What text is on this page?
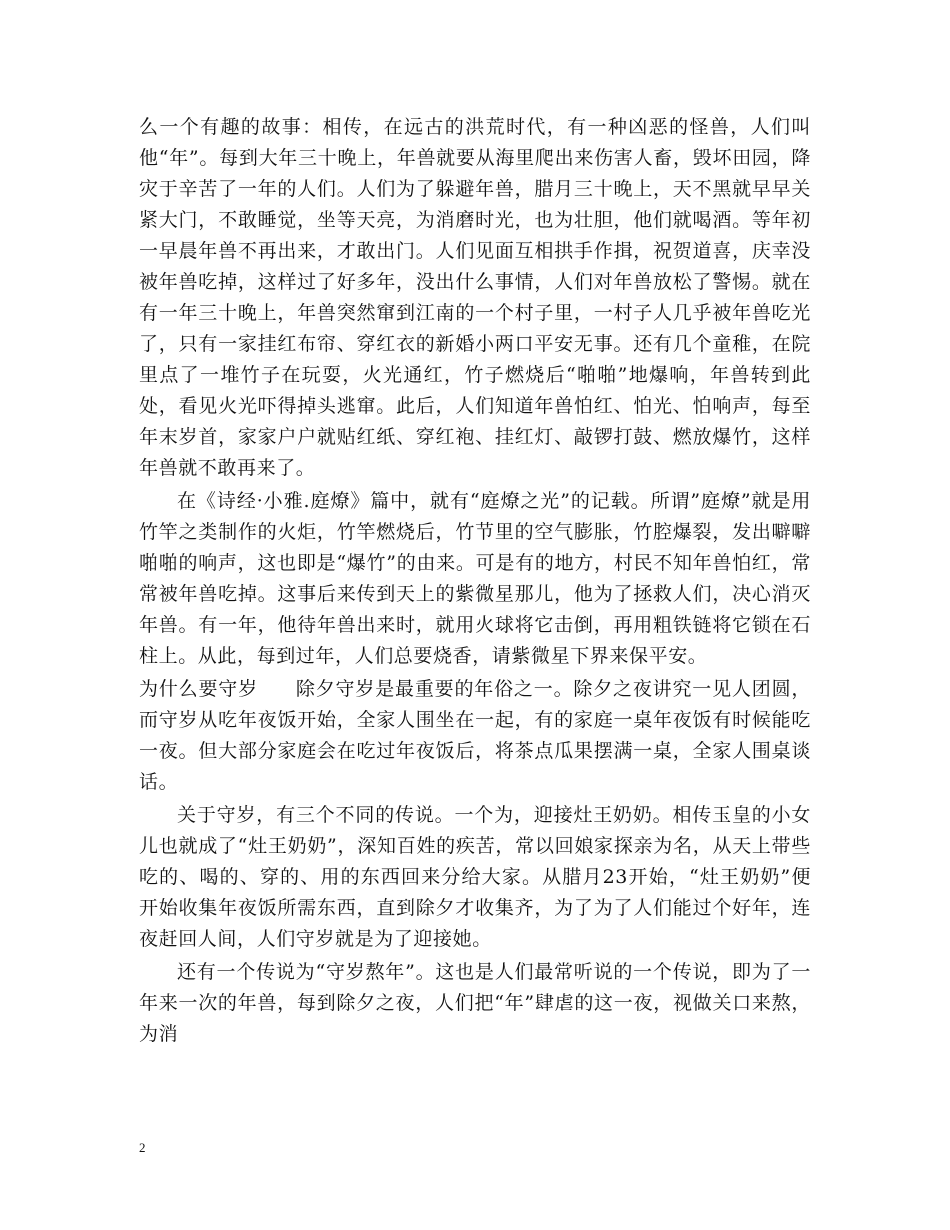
么一个有趣的故事：相传，在远古的洪荒时代，有一种凶恶的怪兽，人们叫他“年”。每到大年三十晚上，年兽就要从海里爬出来伤害人畜，毁坏田园，降灾于辛苦了一年的人们。人们为了躲避年兽，腊月三十晚上，天不黑就早早关紧大门，不敢睡觉，坐等天亮，为消磨时光，也为壮胆，他们就喝酒。等年初一早晨年兽不再出来，才敢出门。人们见面互相拱手作揖，祝贺道喜，庆幸没被年兽吃掉，这样过了好多年，没出什么事情，人们对年兽放松了警惕。就在有一年三十晚上，年兽突然窜到江南的一个村子里，一村子人几乎被年兽吃光了，只有一家挂红布帘、穿红衣的新婚小两口平安无事。还有几个童稚，在院里点了一堆竹子在玩耍，火光通红，竹子燃烧后“啪啪”地爆响，年兽转到此处，看见火光吓得掉头逃窜。此后，人们知道年兽怕红、怕光、怕响声，每至年末岁首，家家户户就贴红纸、穿红袍、挂红灯、敲锣打鼓、燃放爆竹，这样年兽就不敢再来了。

在《诗经·小雅.庭燎》篇中，就有“庭燎之光”的记载。所谓”庭燎”就是用竹竿之类制作的火炬，竹竿燃烧后，竹节里的空气膨胀，竹腔爆裂，发出噼噼啪啪的响声，这也即是“爆竹”的由来。可是有的地方，村民不知年兽怕红，常常被年兽吃掉。这事后来传到天上的紫微星那儿，他为了拯救人们，决心消灭年兽。有一年，他待年兽出来时，就用火球将它击倒，再用粗铁链将它锁在石柱上。从此，每到过年，人们总要烧香，请紫微星下界来保平安。

为什么要守岁 除夕守岁是最重要的年俗之一。除夕之夜讲究一见人团圆，而守岁从吃年夜饭开始，全家人围坐在一起，有的家庭一桌年夜饭有时候能吃一夜。但大部分家庭会在吃过年夜饭后，将茶点瓜果摆满一桌，全家人围桌谈话。

关于守岁，有三个不同的传说。一个为，迎接灶王奶奶。相传玉皇的小女儿也就成了“灶王奶奶”，深知百姓的疾苦，常以回娘家探亲为名，从天上带些吃的、喝的、穿的、用的东西回来分给大家。从腊月23开始，“灶王奶奶”便开始收集年夜饭所需东西，直到除夕才收集齐，为了为了人们能过个好年，连夜赶回人间，人们守岁就是为了迎接她。

还有一个传说为“守岁熬年”。这也是人们最常听说的一个传说，即为了一年来一次的年兽，每到除夕之夜，人们把“年”肆虐的这一夜，视做关口来熬，为消

2
